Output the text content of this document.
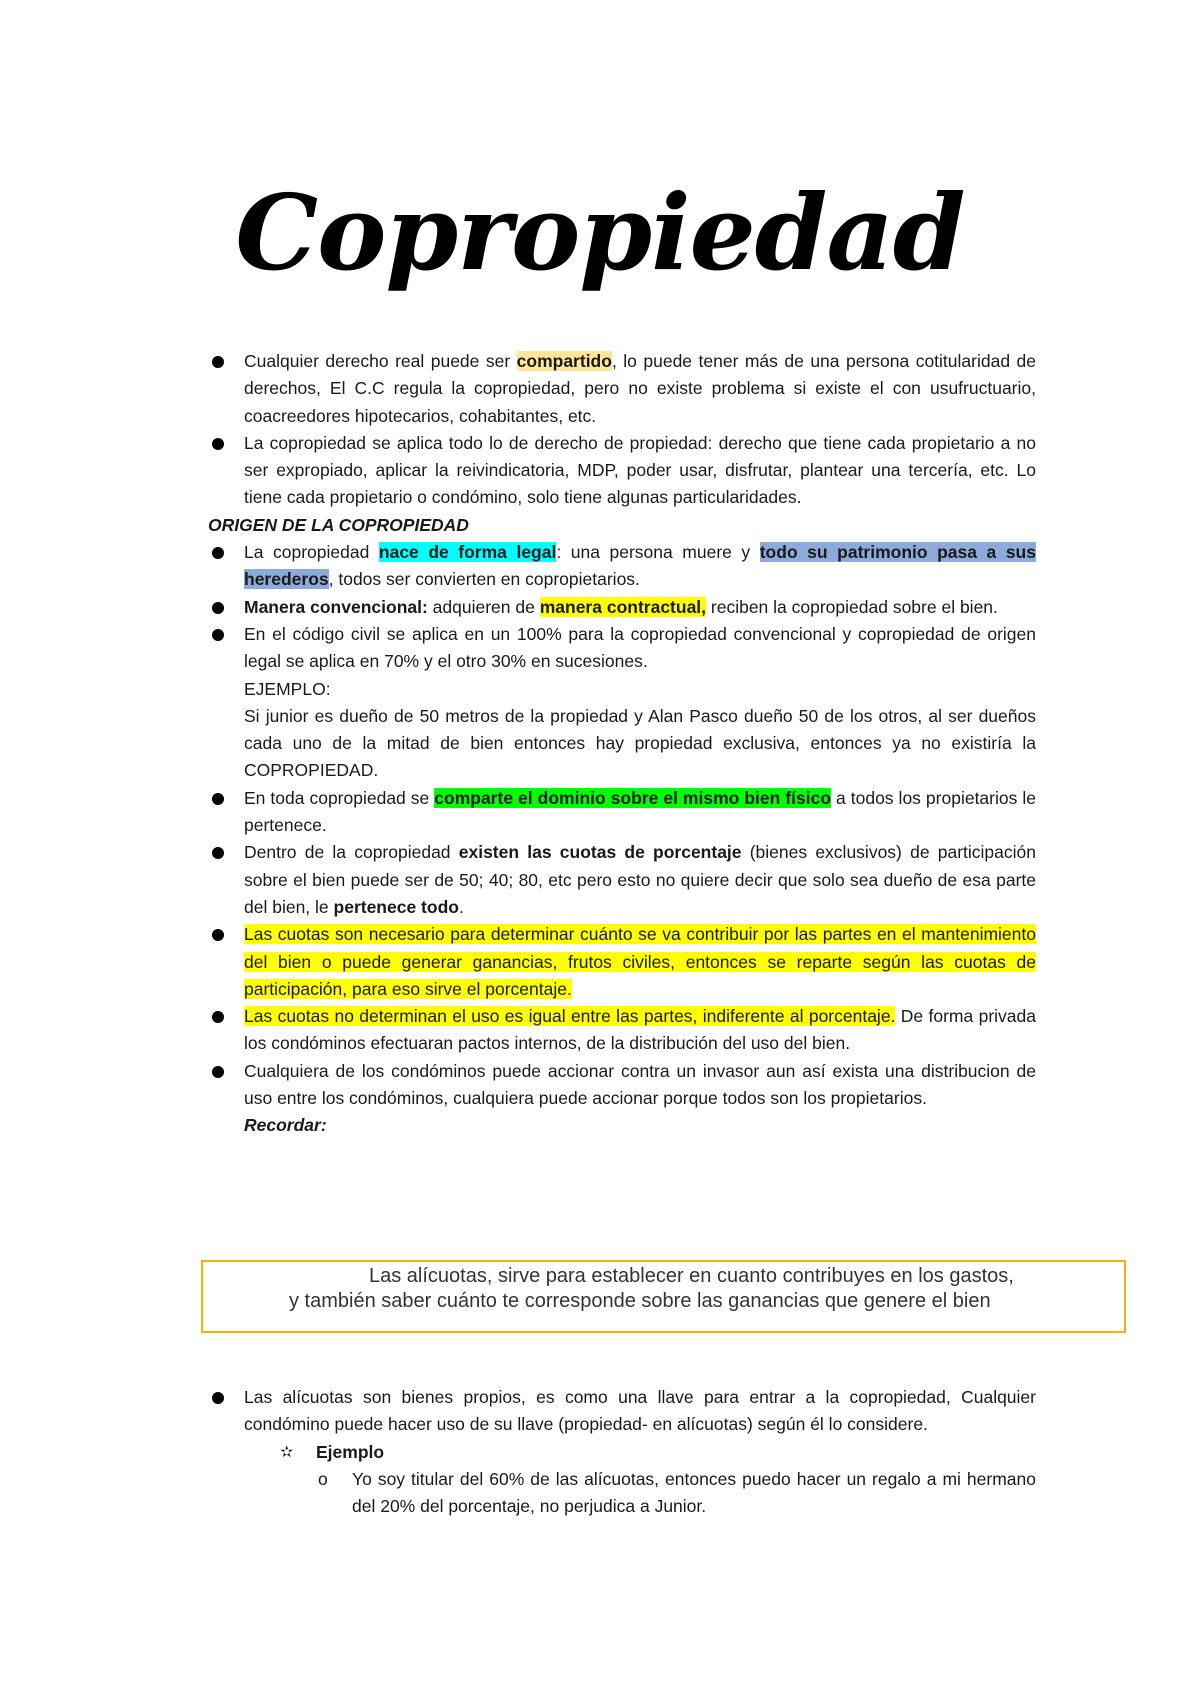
Copropiedad
Cualquier derecho real puede ser compartido, lo puede tener más de una persona cotitularidad de derechos, El C.C regula la copropiedad, pero no existe problema si existe el con usufructuario, coacreedores hipotecarios, cohabitantes, etc.
La copropiedad se aplica todo lo de derecho de propiedad: derecho que tiene cada propietario a no ser expropiado, aplicar la reivindicatoria, MDP, poder usar, disfrutar, plantear una tercería, etc. Lo tiene cada propietario o condómino, solo tiene algunas particularidades.
ORIGEN DE LA COPROPIEDAD
La copropiedad nace de forma legal: una persona muere y todo su patrimonio pasa a sus herederos, todos ser convierten en copropietarios.
Manera convencional: adquieren de manera contractual, reciben la copropiedad sobre el bien.
En el código civil se aplica en un 100% para la copropiedad convencional y copropiedad de origen legal se aplica en 70% y el otro 30% en sucesiones.
EJEMPLO:
Si junior es dueño de 50 metros de la propiedad y Alan Pasco dueño 50 de los otros, al ser dueños cada uno de la mitad de bien entonces hay propiedad exclusiva, entonces ya no existiría la COPROPIEDAD.
En toda copropiedad se comparte el dominio sobre el mismo bien físico a todos los propietarios le pertenece.
Dentro de la copropiedad existen las cuotas de porcentaje (bienes exclusivos) de participación sobre el bien puede ser de 50; 40; 80, etc pero esto no quiere decir que solo sea dueño de esa parte del bien, le pertenece todo.
Las cuotas son necesario para determinar cuánto se va contribuir por las partes en el mantenimiento del bien o puede generar ganancias, frutos civiles, entonces se reparte según las cuotas de participación, para eso sirve el porcentaje.
Las cuotas no determinan el uso es igual entre las partes, indiferente al porcentaje. De forma privada los condóminos efectuaran pactos internos, de la distribución del uso del bien.
Cualquiera de los condóminos puede accionar contra un invasor aun así exista una distribucion de uso entre los condóminos, cualquiera puede accionar porque todos son los propietarios.
Recordar:
Las alícuotas, sirve para establecer en cuanto contribuyes en los gastos,
y también saber cuánto te corresponde sobre las ganancias que genere el bien
Las alícuotas son bienes propios, es como una llave para entrar a la copropiedad, Cualquier condómino puede hacer uso de su llave (propiedad- en alícuotas) según él lo considere.
✫ Ejemplo
o Yo soy titular del 60% de las alícuotas, entonces puedo hacer un regalo a mi hermano del 20% del porcentaje, no perjudica a Junior.
